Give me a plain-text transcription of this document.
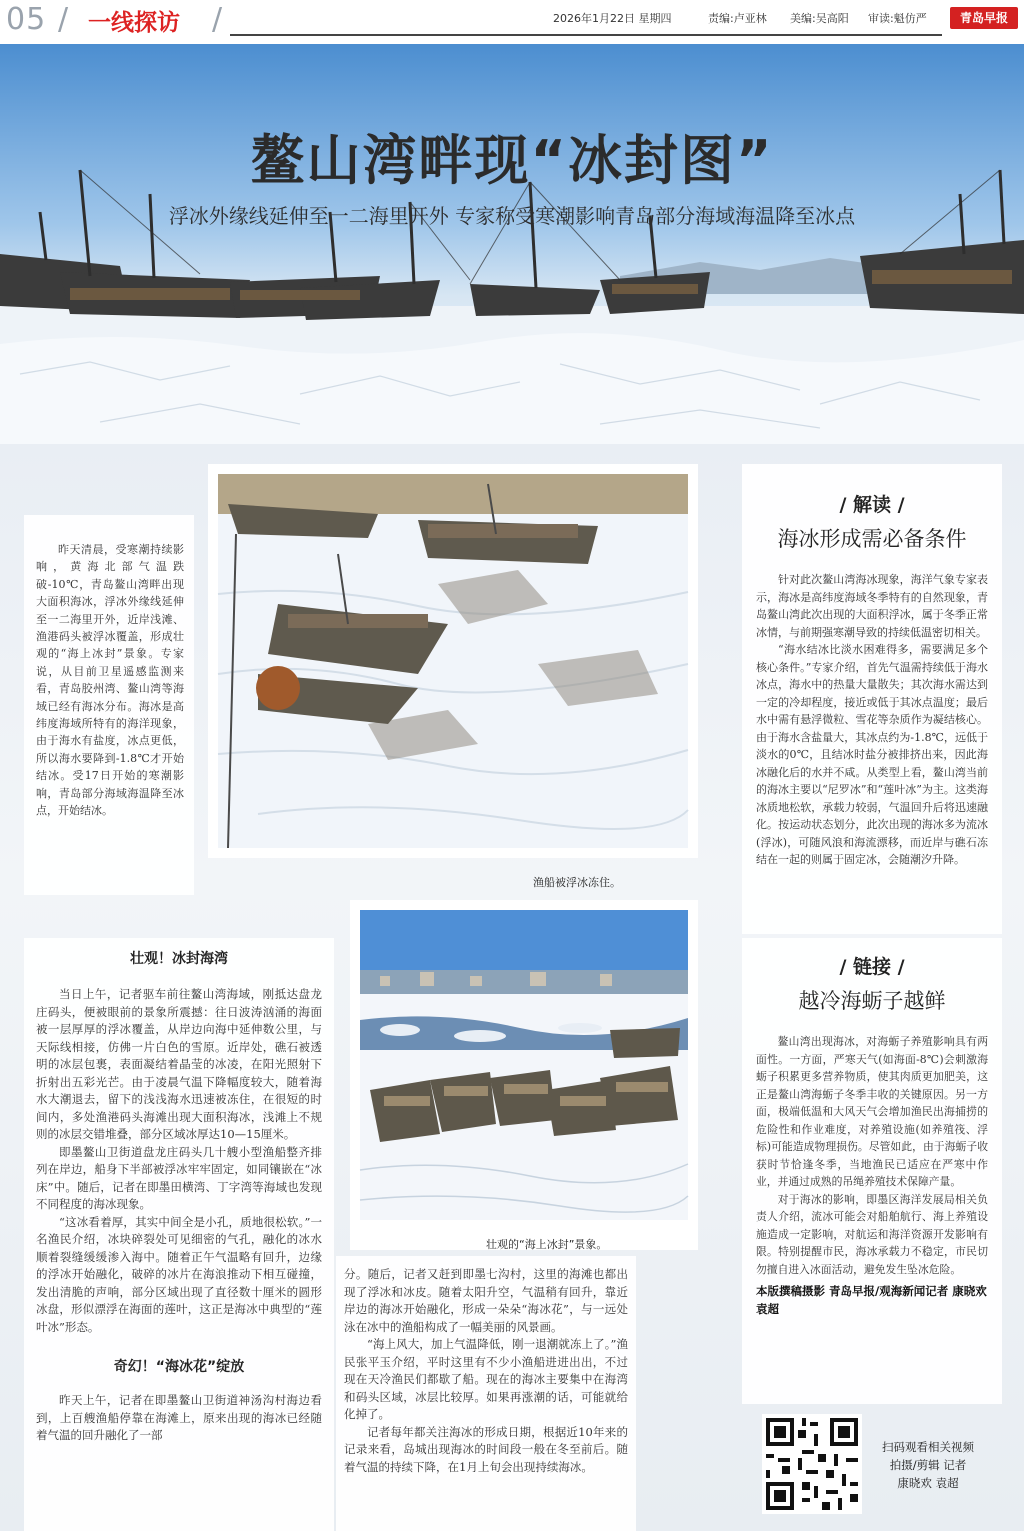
05 / 一线探访 /	2026年1月22日 星期四	责编:卢亚林 美编:吴高阳 审读:魁仿严	青岛早报
鳌山湾畔现“冰封图”
浮冰外缘线延伸至一二海里开外 专家称受寒潮影响青岛部分海域海温降至冰点

昨天清晨，受寒潮持续影响，黄海北部气温跌破-10℃，青岛鳌山湾畔出现大面积海冰，浮冰外缘线延伸至一二海里开外，近岸浅滩、渔港码头被浮冰覆盖，形成壮观的“海上冰封”景象。专家说，从目前卫星遥感监测来看，青岛胶州湾、鳌山湾等海域已经有海冰分布。海冰是高纬度海域所特有的海洋现象，由于海水有盐度，冰点更低，所以海水要降到-1.8℃才开始结冰。受17日开始的寒潮影响，青岛部分海域海温降至冰点，开始结冰。

渔船被浮冰冻住。

/ 解读 /

海冰形成需必备条件

针对此次鳌山湾海冰现象，海洋气象专家表示，海冰是高纬度海域冬季特有的自然现象，青岛鳌山湾此次出现的大面积浮冰，属于冬季正常冰情，与前期强寒潮导致的持续低温密切相关。

“海水结冰比淡水困难得多，需要满足多个核心条件。”专家介绍，首先气温需持续低于海水冰点，海水中的热量大量散失；其次海水需达到一定的冷却程度，接近或低于其冰点温度；最后水中需有悬浮微粒、雪花等杂质作为凝结核心。由于海水含盐量大，其冰点约为-1.8℃，远低于淡水的0℃，且结冰时盐分被排挤出来，因此海冰融化后的水并不咸。从类型上看，鳌山湾当前的海冰主要以“尼罗冰”和“莲叶冰”为主。这类海冰质地松软，承载力较弱，气温回升后将迅速融化。按运动状态划分，此次出现的海冰多为流冰(浮冰)，可随风浪和海流漂移，而近岸与礁石冻结在一起的则属于固定冰，会随潮汐升降。

/ 链接 /

越冷海蛎子越鲜

鳌山湾出现海冰，对海蛎子养殖影响具有两面性。一方面，严寒天气(如海面-8℃)会刺激海蛎子积累更多营养物质，使其肉质更加肥美，这正是鳌山湾海蛎子冬季丰收的关键原因。另一方面，极端低温和大风天气会增加渔民出海捕捞的危险性和作业难度，对养殖设施(如养殖筏、浮标)可能造成物理损伤。尽管如此，由于海蛎子收获时节恰逢冬季，当地渔民已适应在严寒中作业，并通过成熟的吊绳养殖技术保障产量。

对于海冰的影响，即墨区海洋发展局相关负责人介绍，流冰可能会对船舶航行、海上养殖设施造成一定影响，对航运和海洋资源开发影响有限。特别提醒市民，海冰承载力不稳定，市民切勿擅自进入冰面活动，避免发生坠冰危险。

本版撰稿摄影 青岛早报/观海新闻记者 康晓欢 袁超

壮观！冰封海湾

当日上午，记者驱车前往鳌山湾海域，刚抵达盘龙庄码头，便被眼前的景象所震撼：往日波涛汹涌的海面被一层厚厚的浮冰覆盖，从岸边向海中延伸数公里，与天际线相接，仿佛一片白色的雪原。近岸处，礁石被透明的冰层包裹，表面凝结着晶莹的冰凌，在阳光照射下折射出五彩光芒。由于凌晨气温下降幅度较大，随着海水大潮退去，留下的浅浅海水迅速被冻住，在很短的时间内，多处渔港码头海滩出现大面积海冰，浅滩上不规则的冰层交错堆叠，部分区域冰厚达10—15厘米。

即墨鳌山卫街道盘龙庄码头几十艘小型渔船整齐排列在岸边，船身下半部被浮冰牢牢固定，如同镶嵌在“冰床”中。随后，记者在即墨田横湾、丁字湾等海域也发现不同程度的海冰现象。

“这冰看着厚，其实中间全是小孔，质地很松软。”一名渔民介绍，冰块碎裂处可见细密的气孔，融化的冰水顺着裂缝缓缓渗入海中。随着正午气温略有回升，边缘的浮冰开始融化，破碎的冰片在海浪推动下相互碰撞，发出清脆的声响，部分区域出现了直径数十厘米的圆形冰盘，形似漂浮在海面的莲叶，这正是海冰中典型的“莲叶冰”形态。

奇幻！“海冰花”绽放

昨天上午，记者在即墨鳌山卫街道神汤沟村海边看到，上百艘渔船停靠在海滩上，原来出现的海冰已经随着气温的回升融化了一部

壮观的“海上冰封”景象。

分。随后，记者又赶到即墨七沟村，这里的海滩也都出现了浮冰和冰皮。随着太阳升空，气温稍有回升，靠近岸边的海冰开始融化，形成一朵朵“海冰花”，与一远处泳在冰中的渔船构成了一幅美丽的风景画。

“海上风大，加上气温降低，刚一退潮就冻上了。”渔民张平玉介绍，平时这里有不少小渔船进进出出，不过现在天冷渔民们都歇了船。现在的海冰主要集中在海湾和码头区域，冰层比较厚。如果再涨潮的话，可能就给化掉了。

记者每年都关注海冰的形成日期，根据近10年来的记录来看，岛城出现海冰的时间段一般在冬至前后。随着气温的持续下降，在1月上旬会出现持续海冰。

扫码观看相关视频
拍摄/剪辑 记者
康晓欢 袁超
